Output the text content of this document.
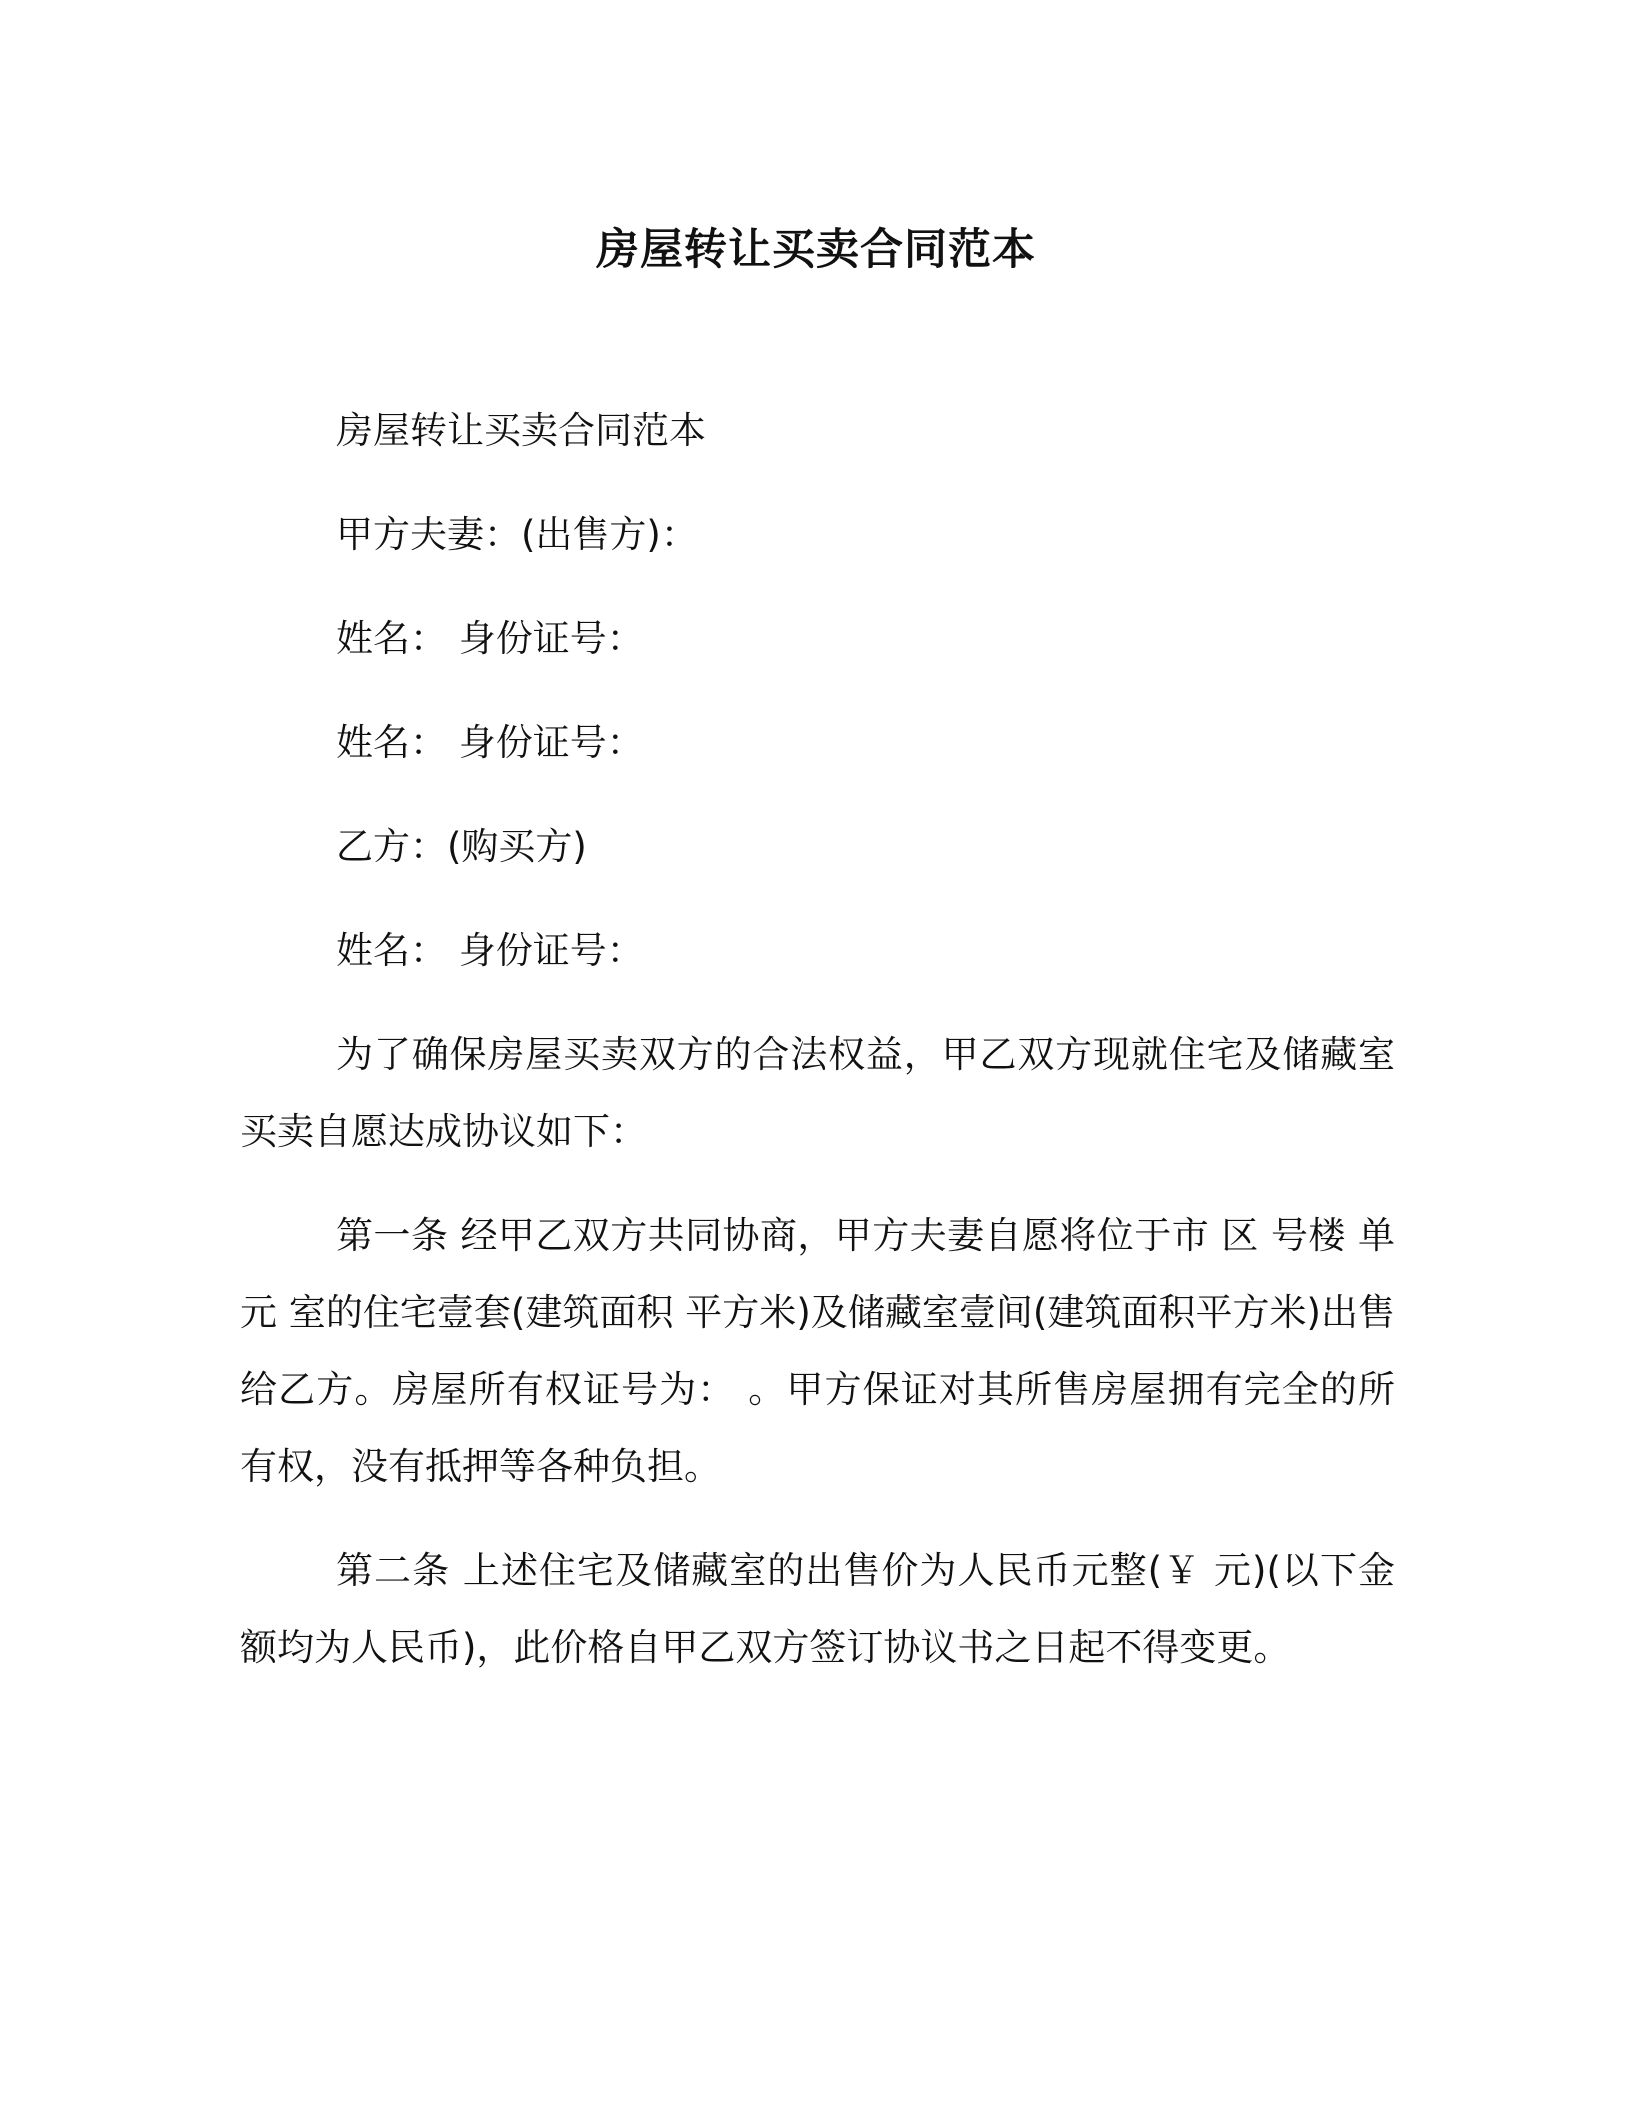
房屋转让买卖合同范本

房屋转让买卖合同范本

甲方夫妻：(出售方)：

姓名： 身份证号：

姓名： 身份证号：

乙方：(购买方)

姓名： 身份证号：

为了确保房屋买卖双方的合法权益，甲乙双方现就住宅及储藏室买卖自愿达成协议如下：

第一条 经甲乙双方共同协商，甲方夫妻自愿将位于市 区 号楼 单元 室的住宅壹套(建筑面积 平方米)及储藏室壹间(建筑面积平方米)出售给乙方。房屋所有权证号为： 。甲方保证对其所售房屋拥有完全的所有权，没有抵押等各种负担。

第二条 上述住宅及储藏室的出售价为人民币元整(￥ 元)(以下金额均为人民币)，此价格自甲乙双方签订协议书之日起不得变更。
